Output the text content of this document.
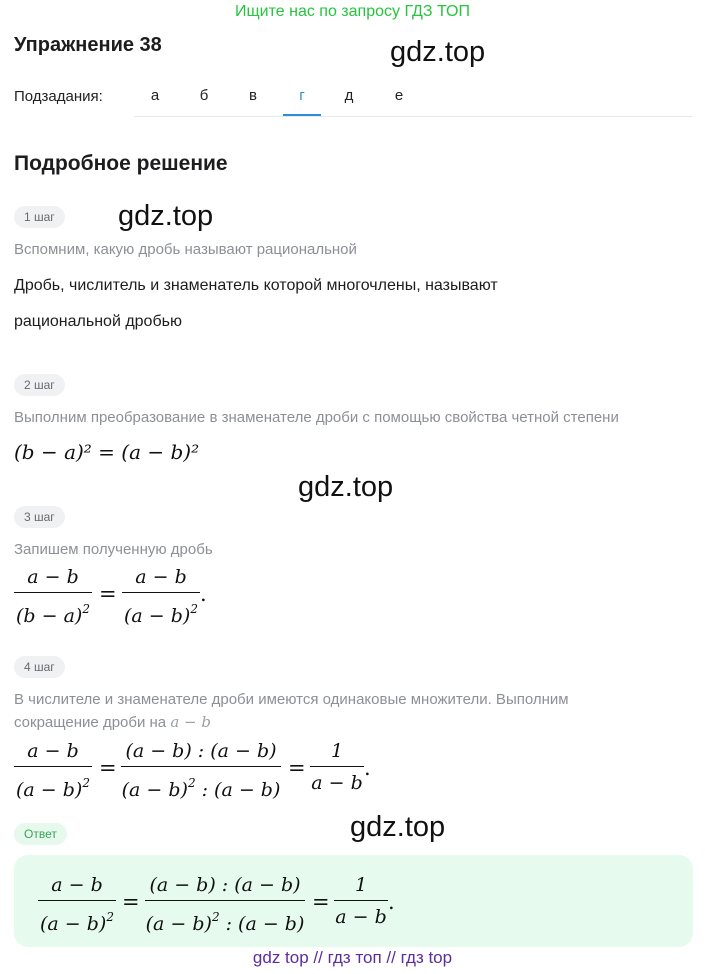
Ищите нас по запросу ГДЗ ТОП
Упражнение 38	gdz.top
Подзадания:	а	б	в	г	д	е
Подробное решение
1 шаг	gdz.top
Вспомним, какую дробь называют рациональной
Дробь, числитель и знаменатель которой многочлены, называют
рациональной дробью
2 шаг
Выполним преобразование в знаменателе дроби с помощью свойства четной степени
(b − a)² = (a − b)²
gdz.top
3 шаг
Запишем полученную дробь
a − b
$(b - a)^2$
=
a − b
$(a - b)^2$
.
4 шаг
В числителе и знаменателе дроби имеются одинаковые множители. Выполним
сокращение дроби на a − b
a − b
$(a - b)^2$
=
(a − b) : (a − b)
$(a - b)^2$ : (a − b)
=
1
a − b
.
Ответ	gdz.top
a − b
$(a - b)^2$
=
(a − b) : (a − b)
$(a - b)^2$ : (a − b)
=
1
a − b
.
gdz top // гдз топ // гдз top
